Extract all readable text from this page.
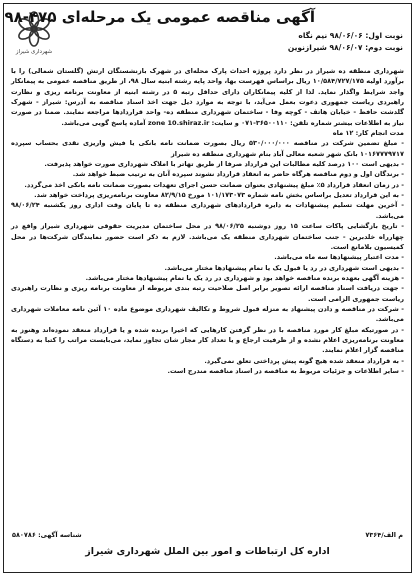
شهرداری شیراز
آگهی مناقصه عمومی یک مرحله‌ای ۴۷۵-۹۸
نوبت اول: ۹۸/۰۶/۰۶ نیم نگاه
نوبت دوم: ۹۸/۰۶/۰۷ شیرازنوین

شهرداری منطقه ده شیراز در نظر دارد پروژه احداث پارک محله‌ای در شهرک بازنشستگان ارتش (گلستان شمالی) را با برآورد اولیه ۱۰/۵۸۴/۷۲۷/۱۷۵ ریال براساس فهرست بها، واحد پایه رشته ابنیه سال ۹۸، از طریق مناقصه عمومی به پیمانکار واجد شرایط واگذار نماید. لذا از کلیه پیمانکاران دارای حداقل رتبه ۵ در رشته ابنیه از معاونت برنامه ریزی و نظارت راهبردی ریاست جمهوری دعوت بعمل می‌آید، با توجه به موارد ذیل جهت اخذ اسناد مناقصه به آدرس: شیراز - شهرک گلدشت حافظ - خیابان هاتف - کوچه وفا - ساختمان شهرداری منطقه ده- واحد قراردادها مراجعه نمایند. ضمنا در صورت نیاز به اطلاعات بیشتر شماره تلفن: ۳۶۵۰۰۱۱۰-۰۷۱ و سایت: zone 10.shiraz.ir آماده پاسخ گویی می‌باشد.

مدت انجام کار: ۱۲ ماه

- مبلغ تضمین شرکت در مناقصه ۵۳۰/۰۰۰/۰۰۰ ریال بصورت ضمانت نامه بانکی یا فیش واریزی نقدی بحساب سپرده ۱۰۱۶۷۷۷۹۷۱۷ بانک شهر شعبه معالی آباد بنام شهرداری منطقه ده شیراز

- بدیهی است ۱۰۰ درصد کلیه مطالبات این قرارداد صرفا از طریق تهاتر با املاک شهرداری صورت خواهد پذیرفت.

- برندگان اول و دوم مناقصه هرگاه حاضر به انعقاد قرارداد نشوند سپرده آنان به ترتیب ضبط خواهد شد.

- در زمان انعقاد قرارداد ۵٪ مبلغ پیشنهادی بعنوان ضمانت حسن اجرای تعهدات بصورت ضمانت نامه بانکی اخذ می‌گردد.

- به این قرارداد تعدیل براساس بخش نامه شماره ۱۰۱/۱۷۳۰۷۳ مورخ ۸۲/۹/۱۵ معاونت برنامه‌ریزی پرداخت خواهد شد.

- آخرین مهلت تسلیم پیشنهادات به دایره قراردادهای شهرداری منطقه ده تا پایان وقت اداری روز یکشنبه ۹۸/۰۶/۲۴ می‌باشد.

- تاریخ بازگشایی پاکات ساعت ۱۵ روز دوشنبه ۹۸/۰۶/۲۵ در محل ساختمان مدیریت حقوقی شهرداری شیراز واقع در چهارراه خلدبرین - جنب ساختمان شهرداری منطقه یک می‌باشد. لازم به ذکر است حضور نمایندگان شرکت‌ها در محل کمیسیون بلامانع است.

- مدت اعتبار پیشنهادها سه ماه می‌باشد.

- بدیهی است شهرداری در رد یا قبول یک یا تمام پیشنهادها مختار می‌باشد.

- هزینه آگهی بعهده برنده مناقصه خواهد بود و شهرداری در رد یک یا تمام پیشنهادها مختار می‌باشد.

- جهت دریافت اسناد مناقصه ارائه تصویر برابر اصل صلاحیت رتبه بندی مربوطه از معاونت برنامه ریزی و نظارت راهبردی ریاست جمهوری الزامی است.

- شرکت در مناقصه و دادن پیشنهاد به منزله قبول شروط و تکالیف شهرداری موضوع ماده ۱۰ آئین نامه معاملات شهرداری می‌باشد.

- در صورتیکه مبلغ کار مورد مناقصه با در نظر گرفتن کارهایی که اخیرا برنده شده و یا قرارداد منعقد نموده‌اند وهنوز به معاونت برنامه‌ریزی اعلام نشده و از ظرفیت ارجاع و یا تعداد کار مجاز شان تجاوز نماید، می‌بایست مراتب را کتبا به دستگاه مناقصه گزار اعلام نمایند.

- به قرارداد منعقد شده هیچ گونه پیش پرداختی تعلق نمی‌گیرد.

- سایر اطلاعات و جزئیات مربوط به مناقصه در اسناد مناقصه مندرج است.

م الف/۷۳۶۴
شناسه آگهی: ۵۸۰۷۸۶
اداره کل ارتباطات و امور بین الملل شهرداری شیراز
